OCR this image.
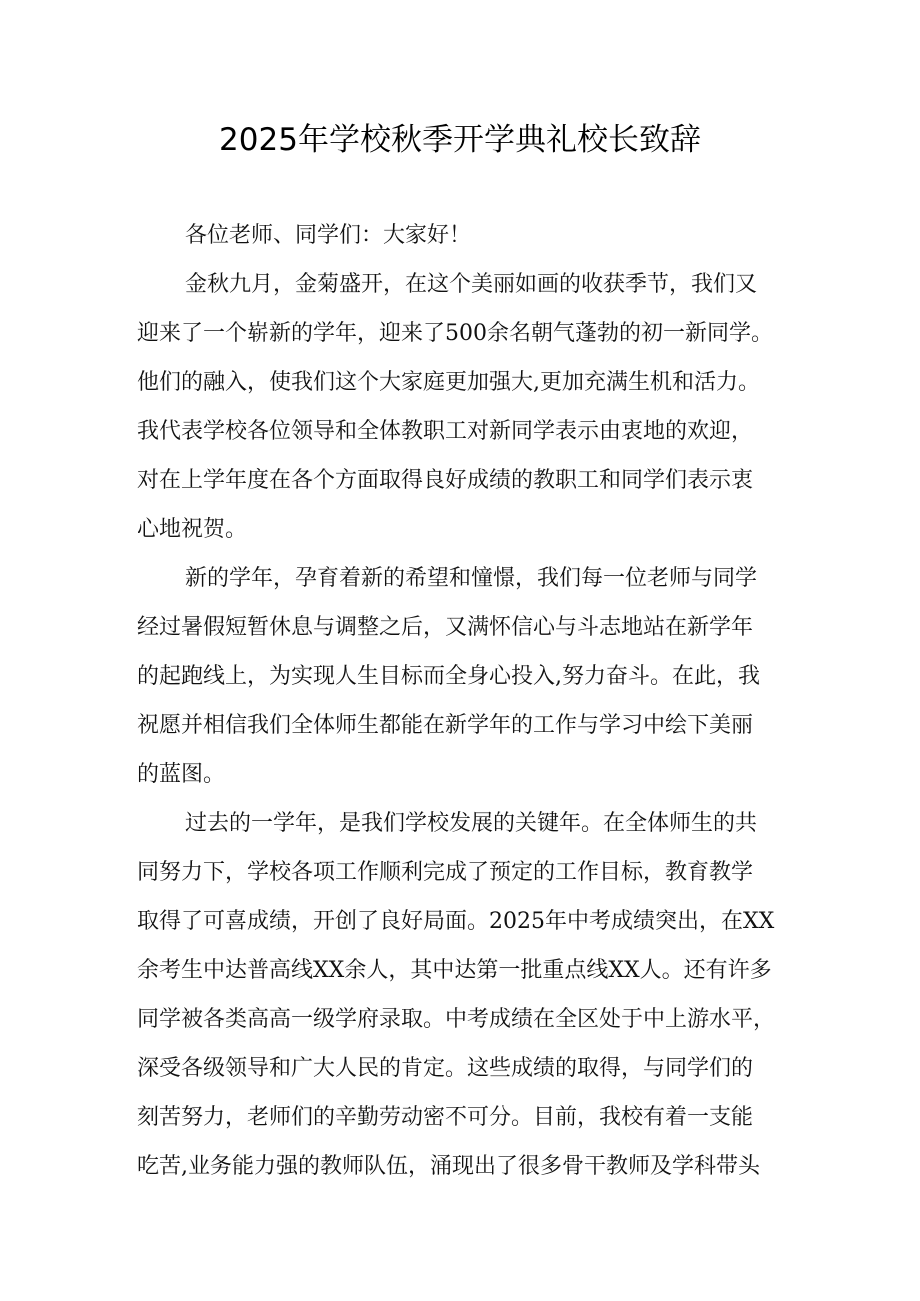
2025年学校秋季开学典礼校长致辞
各位老师、同学们：大家好！
金秋九月，金菊盛开，在这个美丽如画的收获季节，我们又
迎来了一个崭新的学年，迎来了500余名朝气蓬勃的初一新同学。
他们的融入，使我们这个大家庭更加强大,更加充满生机和活力。
我代表学校各位领导和全体教职工对新同学表示由衷地的欢迎，
对在上学年度在各个方面取得良好成绩的教职工和同学们表示衷
心地祝贺。
新的学年，孕育着新的希望和憧憬，我们每一位老师与同学
经过暑假短暂休息与调整之后，又满怀信心与斗志地站在新学年
的起跑线上，为实现人生目标而全身心投入,努力奋斗。在此，我
祝愿并相信我们全体师生都能在新学年的工作与学习中绘下美丽
的蓝图。
过去的一学年，是我们学校发展的关键年。在全体师生的共
同努力下，学校各项工作顺利完成了预定的工作目标，教育教学
取得了可喜成绩，开创了良好局面。2025年中考成绩突出，在XX
余考生中达普高线XX余人，其中达第一批重点线XX人。还有许多
同学被各类高高一级学府录取。中考成绩在全区处于中上游水平，
深受各级领导和广大人民的肯定。这些成绩的取得，与同学们的
刻苦努力，老师们的辛勤劳动密不可分。目前，我校有着一支能
吃苦,业务能力强的教师队伍，涌现出了很多骨干教师及学科带头
